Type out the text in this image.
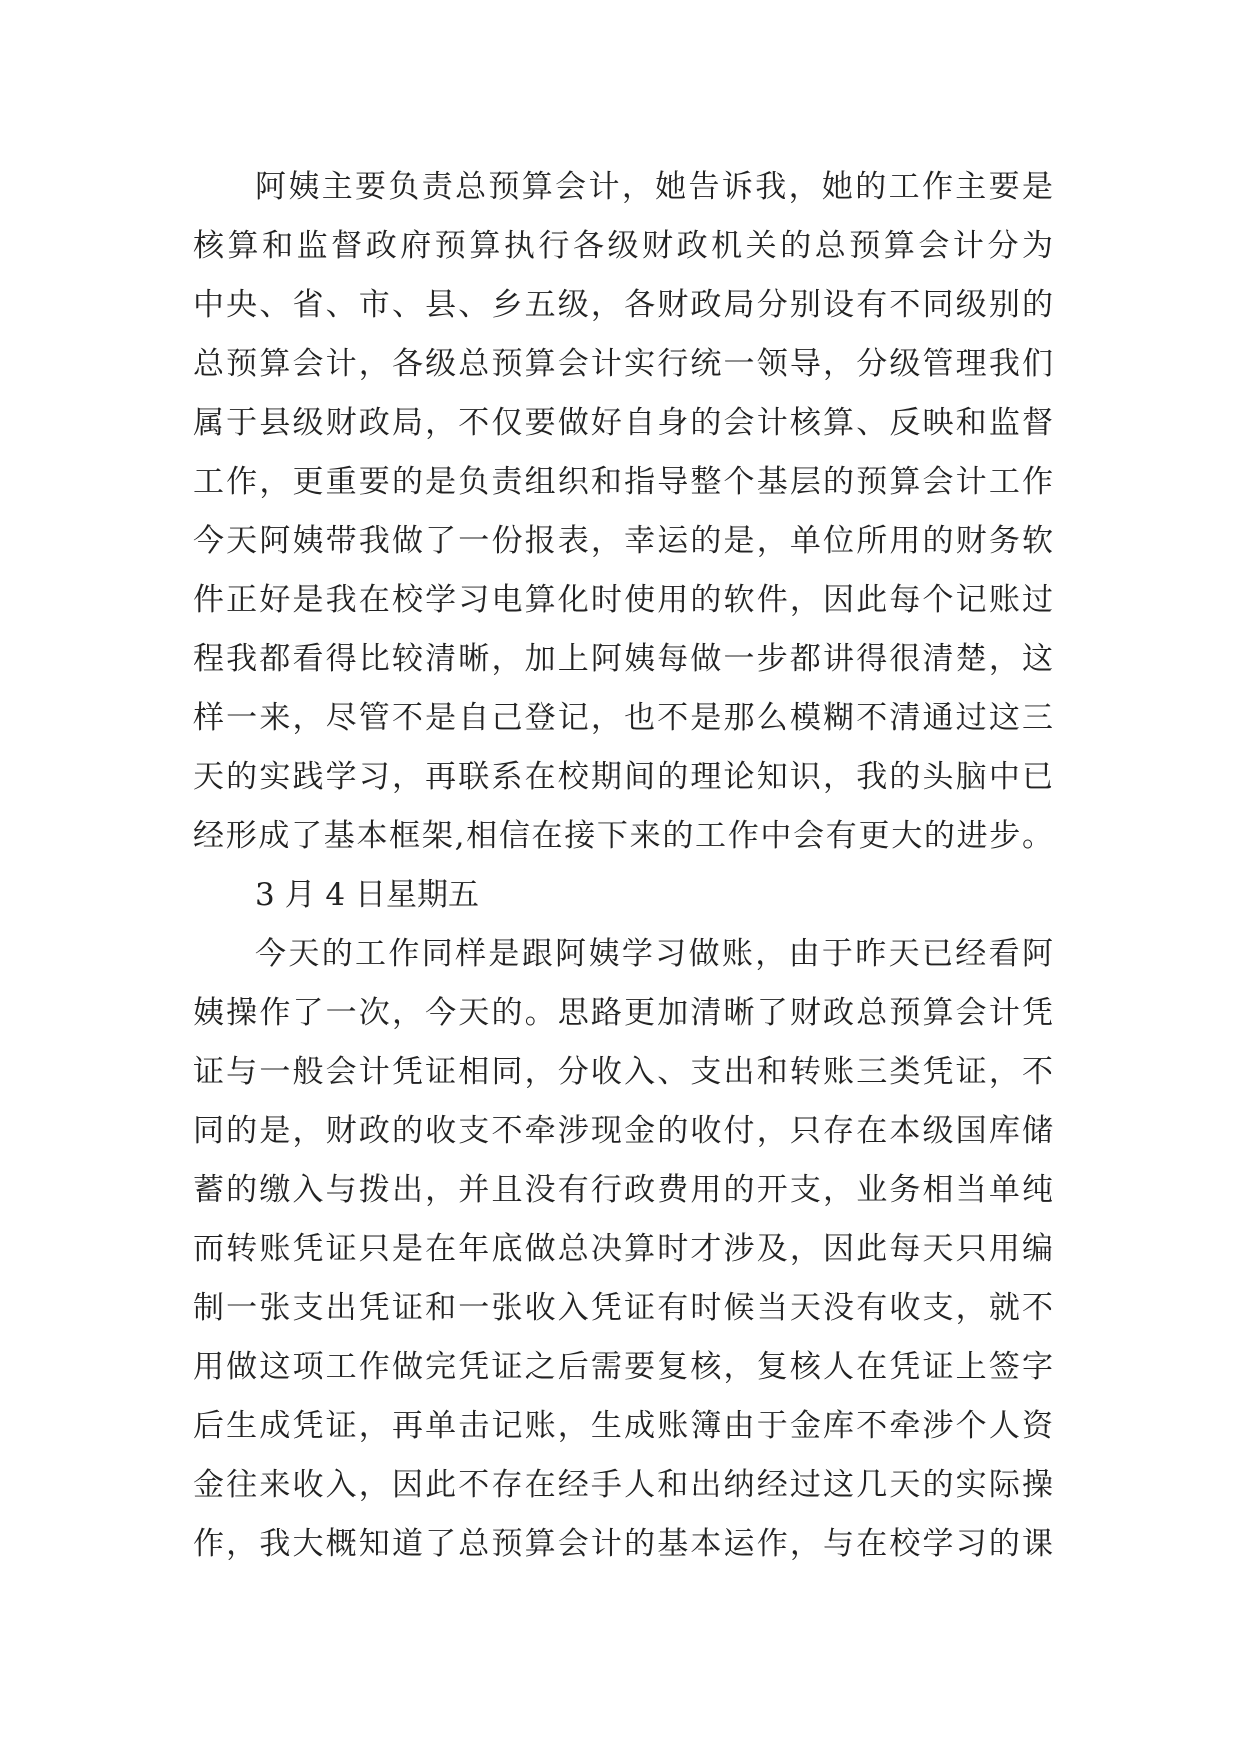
阿姨主要负责总预算会计，她告诉我，她的工作主要是
核算和监督政府预算执行各级财政机关的总预算会计分为
中央、省、市、县、乡五级，各财政局分别设有不同级别的
总预算会计，各级总预算会计实行统一领导，分级管理我们
属于县级财政局，不仅要做好自身的会计核算、反映和监督
工作，更重要的是负责组织和指导整个基层的预算会计工作
今天阿姨带我做了一份报表，幸运的是，单位所用的财务软
件正好是我在校学习电算化时使用的软件，因此每个记账过
程我都看得比较清晰，加上阿姨每做一步都讲得很清楚，这
样一来，尽管不是自己登记，也不是那么模糊不清通过这三
天的实践学习，再联系在校期间的理论知识，我的头脑中已
经形成了基本框架,相信在接下来的工作中会有更大的进步。
3 月 4 日星期五
今天的工作同样是跟阿姨学习做账，由于昨天已经看阿
姨操作了一次，今天的。思路更加清晰了财政总预算会计凭
证与一般会计凭证相同，分收入、支出和转账三类凭证，不
同的是，财政的收支不牵涉现金的收付，只存在本级国库储
蓄的缴入与拨出，并且没有行政费用的开支，业务相当单纯
而转账凭证只是在年底做总决算时才涉及，因此每天只用编
制一张支出凭证和一张收入凭证有时候当天没有收支，就不
用做这项工作做完凭证之后需要复核，复核人在凭证上签字
后生成凭证，再单击记账，生成账簿由于金库不牵涉个人资
金往来收入，因此不存在经手人和出纳经过这几天的实际操
作，我大概知道了总预算会计的基本运作，与在校学习的课
